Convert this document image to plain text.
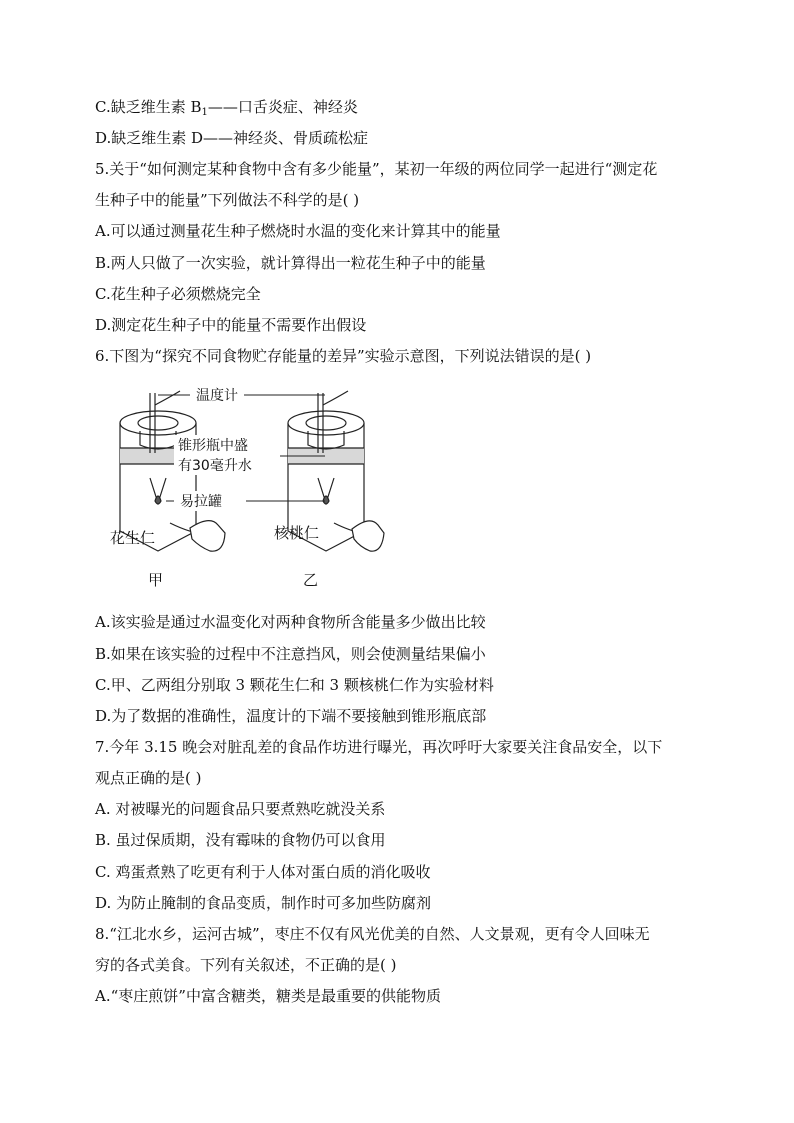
C.缺乏维生素 $B_1——$口舌炎症、神经炎
D.缺乏维生素 D——神经炎、骨质疏松症
5.关于“如何测定某种食物中含有多少能量”，某初一年级的两位同学一起进行“测定花
生种子中的能量”下列做法不科学的是( )
A.可以通过测量花生种子燃烧时水温的变化来计算其中的能量
B.两人只做了一次实验，就计算得出一粒花生种子中的能量
C.花生种子必须燃烧完全
D.测定花生种子中的能量不需要作出假设
6.下图为“探究不同食物贮存能量的差异”实验示意图，下列说法错误的是( )
温度计
锥形瓶中盛
有30毫升水
易拉罐
花生仁	核桃仁
甲	乙
A.该实验是通过水温变化对两种食物所含能量多少做出比较
B.如果在该实验的过程中不注意挡风，则会使测量结果偏小
C.甲、乙两组分别取 3 颗花生仁和 3 颗核桃仁作为实验材料
D.为了数据的准确性，温度计的下端不要接触到锥形瓶底部
7.今年 3.15 晚会对脏乱差的食品作坊进行曝光，再次呼吁大家要关注食品安全，以下
观点正确的是( )
A. 对被曝光的问题食品只要煮熟吃就没关系
B. 虽过保质期，没有霉味的食物仍可以食用
C. 鸡蛋煮熟了吃更有利于人体对蛋白质的消化吸收
D. 为防止腌制的食品变质，制作时可多加些防腐剂
8.“江北水乡，运河古城”，枣庄不仅有风光优美的自然、人文景观，更有令人回味无
穷的各式美食。下列有关叙述，不正确的是( )
A.“枣庄煎饼”中富含糖类，糖类是最重要的供能物质
